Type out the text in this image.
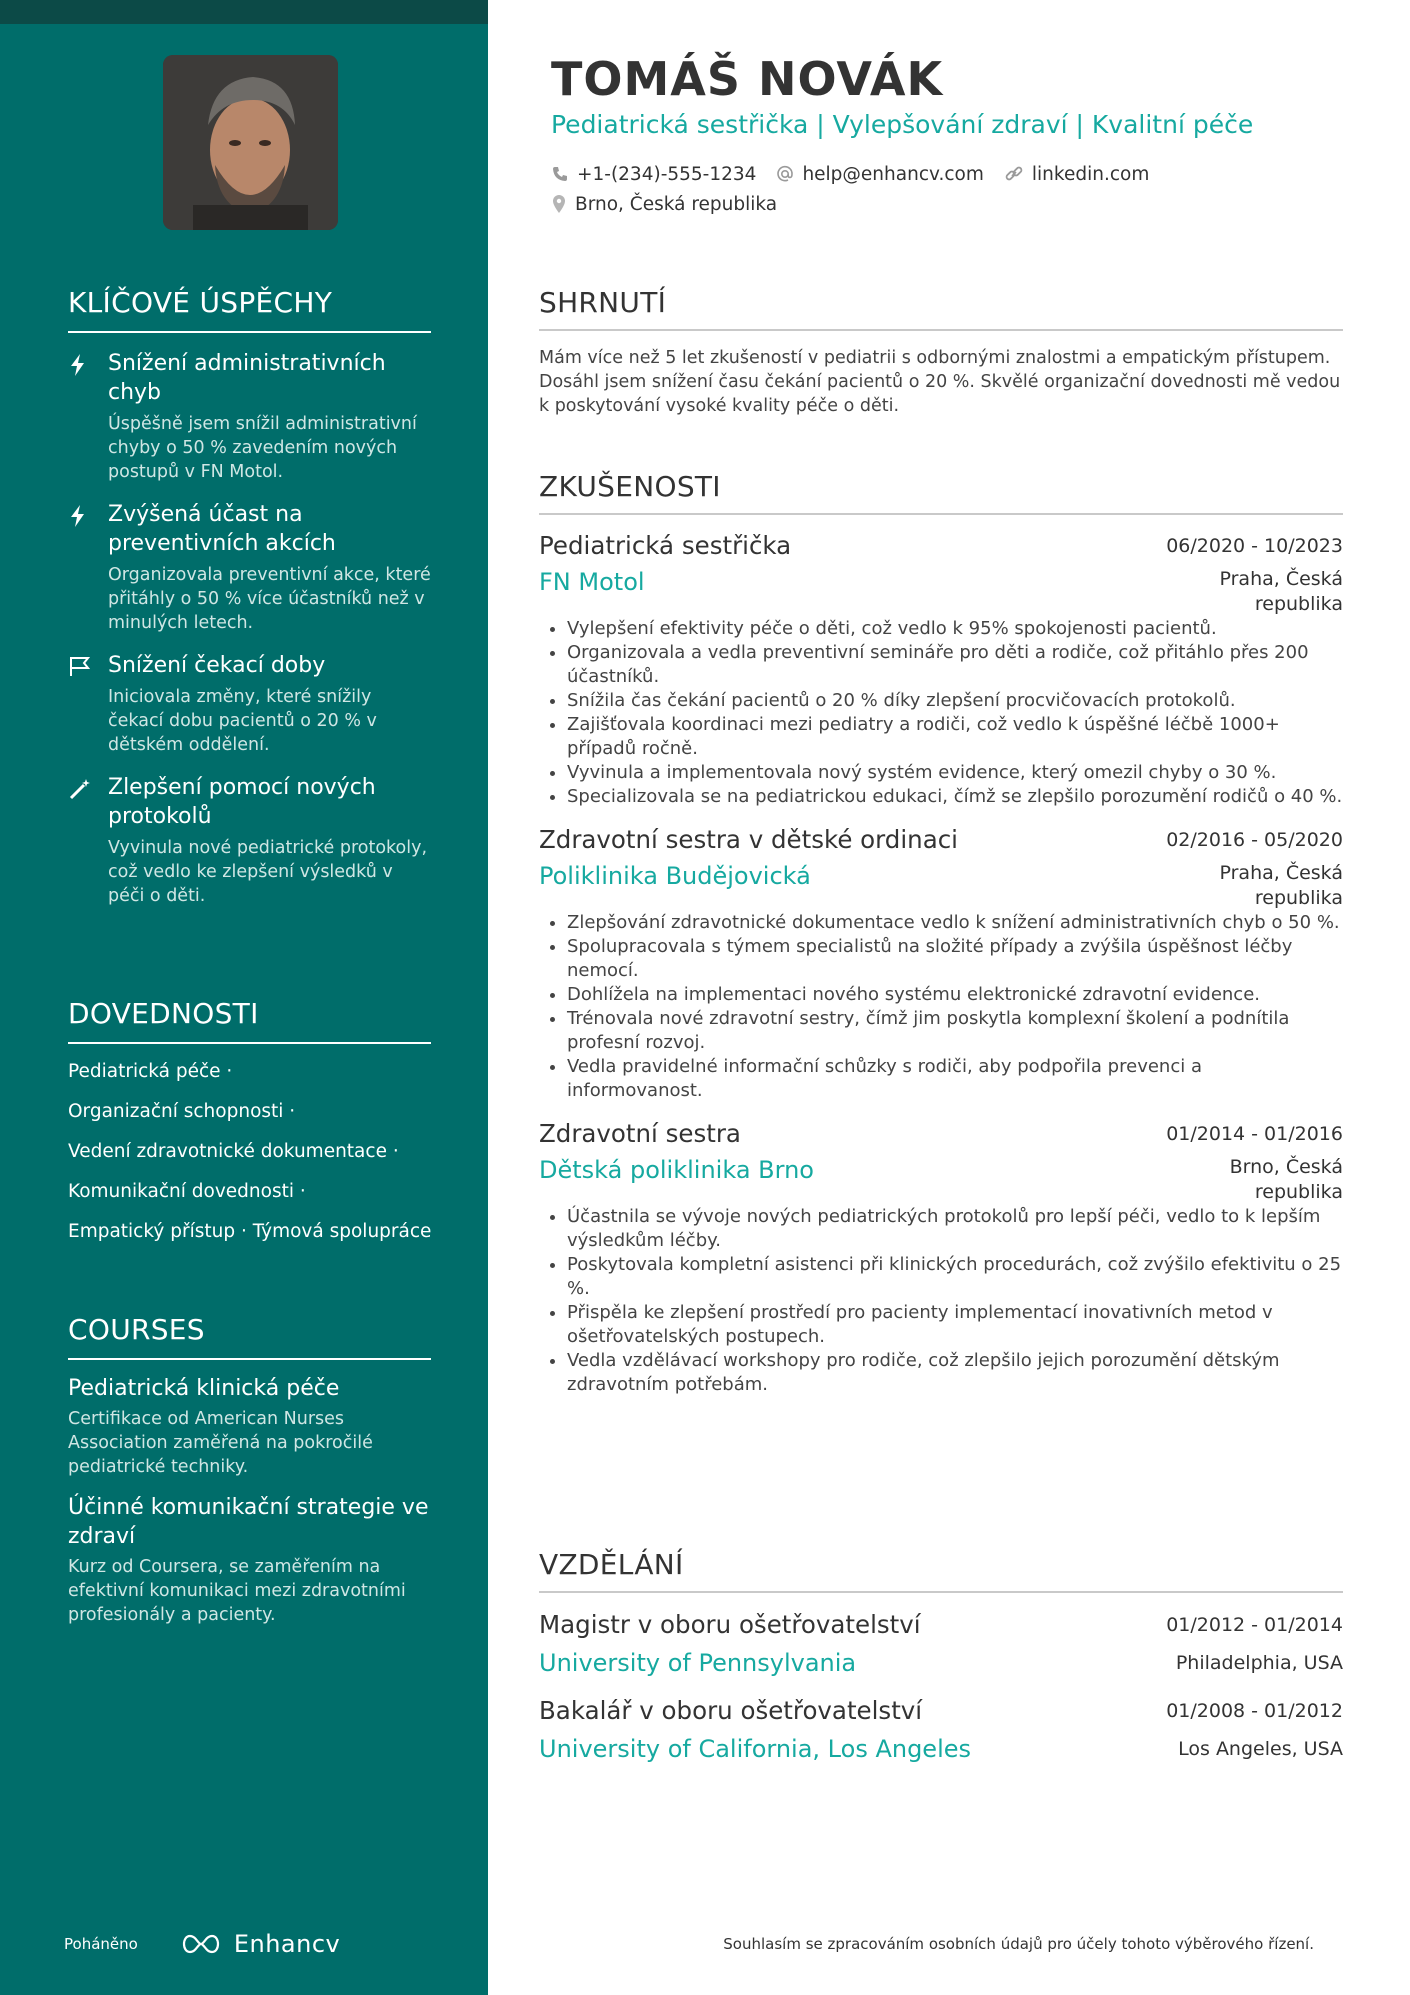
KLÍČOVÉ ÚSPĚCHY
Snížení administrativních chyb
Úspěšně jsem snížil administrativní chyby o 50 % zavedením nových postupů v FN Motol.
Zvýšená účast na preventivních akcích
Organizovala preventivní akce, které přitáhly o 50 % více účastníků než v minulých letech.
Snížení čekací doby
Iniciovala změny, které snížily čekací dobu pacientů o 20 % v dětském oddělení.
Zlepšení pomocí nových protokolů
Vyvinula nové pediatrické protokoly, což vedlo ke zlepšení výsledků v péči o děti.
DOVEDNOSTI
Pediatrická péče ·
Organizační schopnosti ·
Vedení zdravotnické dokumentace ·
Komunikační dovednosti ·
Empatický přístup · Týmová spolupráce
COURSES
Pediatrická klinická péče
Certifikace od American Nurses Association zaměřená na pokročilé pediatrické techniky.
Účinné komunikační strategie ve zdraví
Kurz od Coursera, se zaměřením na efektivní komunikaci mezi zdravotními profesionály a pacienty.
Poháněno	Enhancv
TOMÁŠ NOVÁK
Pediatrická sestřička | Vylepšování zdraví | Kvalitní péče
+1-(234)-555-1234 help@enhancv.com	linkedin.com
Brno, Česká republika
SHRNUTÍ
Mám více než 5 let zkušeností v pediatrii s odbornými znalostmi a empatickým přístupem. Dosáhl jsem snížení času čekání pacientů o 20 %. Skvělé organizační dovednosti mě vedou k poskytování vysoké kvality péče o děti.
ZKUŠENOSTI
Pediatrická sestřička	06/2020 - 10/2023
FN Motol	Praha, Česká republika
• Vylepšení efektivity péče o děti, což vedlo k 95% spokojenosti pacientů.
• Organizovala a vedla preventivní semináře pro děti a rodiče, což přitáhlo přes 200 účastníků.
• Snížila čas čekání pacientů o 20 % díky zlepšení procvičovacích protokolů.
• Zajišťovala koordinaci mezi pediatry a rodiči, což vedlo k úspěšné léčbě 1000+ případů ročně.
• Vyvinula a implementovala nový systém evidence, který omezil chyby o 30 %.
• Specializovala se na pediatrickou edukaci, čímž se zlepšilo porozumění rodičů o 40 %.
Zdravotní sestra v dětské ordinaci	02/2016 - 05/2020
Poliklinika Budějovická	Praha, Česká republika
• Zlepšování zdravotnické dokumentace vedlo k snížení administrativních chyb o 50 %.
• Spolupracovala s týmem specialistů na složité případy a zvýšila úspěšnost léčby nemocí.
• Dohlížela na implementaci nového systému elektronické zdravotní evidence.
• Trénovala nové zdravotní sestry, čímž jim poskytla komplexní školení a podnítila profesní rozvoj.
• Vedla pravidelné informační schůzky s rodiči, aby podpořila prevenci a informovanost.
Zdravotní sestra	01/2014 - 01/2016
Dětská poliklinika Brno	Brno, Česká republika
• Účastnila se vývoje nových pediatrických protokolů pro lepší péči, vedlo to k lepším výsledkům léčby.
• Poskytovala kompletní asistenci při klinických procedurách, což zvýšilo efektivitu o 25 %.
• Přispěla ke zlepšení prostředí pro pacienty implementací inovativních metod v ošetřovatelských postupech.
• Vedla vzdělávací workshopy pro rodiče, což zlepšilo jejich porozumění dětským zdravotním potřebám.
VZDĚLÁNÍ
Magistr v oboru ošetřovatelství	01/2012 - 01/2014
University of Pennsylvania	Philadelphia, USA
Bakalář v oboru ošetřovatelství	01/2008 - 01/2012
University of California, Los Angeles	Los Angeles, USA
Souhlasím se zpracováním osobních údajů pro účely tohoto výběrového řízení.
